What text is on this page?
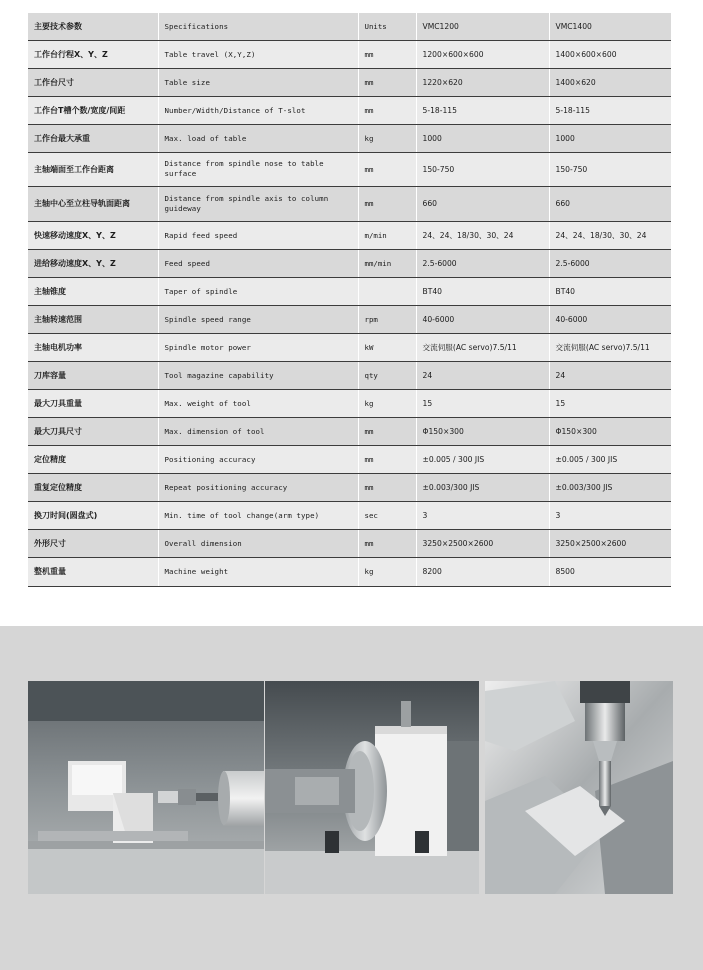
主要技术参数	Specifications	Units	VMC1200	VMC1400
工作台行程X、Y、Z	Table travel (X,Y,Z)	mm	1200×600×600	1400×600×600
工作台尺寸	Table size	mm	1220×620	1400×620
工作台T槽个数/宽度/间距	Number/Width/Distance of T-slot	mm	5-18-115	5-18-115
工作台最大承重	Max. load of table	kg	1000	1000
主轴端面至工作台距离	Distance from spindle nose to table surface	mm	150-750	150-750
主轴中心至立柱导轨面距离	Distance from spindle axis to column guideway	mm	660	660
快速移动速度X、Y、Z	Rapid feed speed	m/min	24、24、18/30、30、24	24、24、18/30、30、24
进给移动速度X、Y、Z	Feed speed	mm/min	2.5-6000	2.5-6000
主轴锥度	Taper of spindle		BT40	BT40
主轴转速范围	Spindle speed range	rpm	40-6000	40-6000
主轴电机功率	Spindle motor power	kW	交流伺服(AC servo)7.5/11	交流伺服(AC servo)7.5/11
刀库容量	Tool magazine capability	qty	24	24
最大刀具重量	Max. weight of tool	kg	15	15
最大刀具尺寸	Max. dimension of tool	mm	Φ150×300	Φ150×300
定位精度	Positioning accuracy	mm	±0.005 / 300 JIS	±0.005 / 300 JIS
重复定位精度	Repeat positioning accuracy	mm	±0.003/300 JIS	±0.003/300 JIS
换刀时间(圆盘式)	Min. time of tool change(arm type)	sec	3	3
外形尺寸	Overall dimension	mm	3250×2500×2600	3250×2500×2600
整机重量	Machine weight	kg	8200	8500
